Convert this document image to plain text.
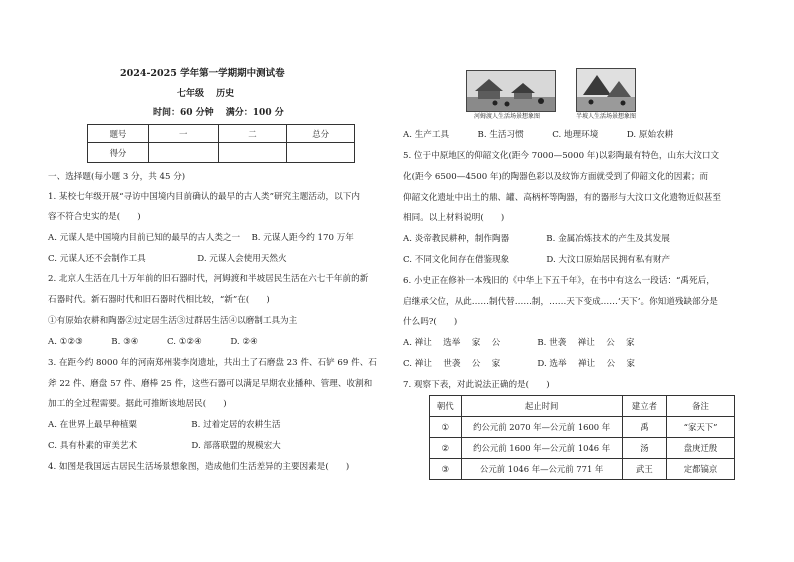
2024-2025 学年第一学期期中测试卷
七年级　 历史
时间：60 分钟　 满分：100 分
题号	一	二	总分
得分			
一、选择题(每小题 3 分，共 45 分)
1. 某校七年级开展“寻访中国境内目前确认的最早的古人类”研究主题活动，以下内
容不符合史实的是(　　)
A. 元谋人是中国境内目前已知的最早的古人类之一　 B. 元谋人距今约 170 万年
C. 元谋人还不会制作工具　　　　　　D. 元谋人会使用天然火
2. 北京人生活在几十万年前的旧石器时代，河姆渡和半坡居民生活在六七千年前的新
石器时代。新石器时代和旧石器时代相比较，“新”在(　　)
①有原始农耕和陶器②过定居生活③过群居生活④以磨制工具为主
A. ①②③　　　 B. ③④　　　 C. ①②④　　　 D. ②④
3. 在距今约 8000 年的河南郑州裴李岗遗址，共出土了石磨盘 23 件、石铲 69 件、石
斧 22 件、磨盘 57 件、磨棒 25 件，这些石器可以满足早期农业播种、管理、收割和
加工的全过程需要。据此可推断该地居民(　　)
A. 在世界上最早种植粟　　　　　　 B. 过着定居的农耕生活
C. 具有朴素的审美艺术　　　　　　 D. 部落联盟的规模宏大
4. 如图是我国远古居民生活场景想象图，造成他们生活差异的主要因素是(　　)
河姆渡人生活场景想象图	半坡人生活场景想象图
A. 生产工具　　　 B. 生活习惯　　　 C. 地理环境　　　 D. 原始农耕
5. 位于中原地区的仰韶文化(距今 7000—5000 年)以彩陶最有特色，山东大汶口文
化(距今 6500—4500 年)的陶器色彩以及纹饰方面就受到了仰韶文化的因素；而
仰韶文化遗址中出土的鼎、罐、高柄杯等陶器，有的器形与大汶口文化遗物近似甚至
相同。以上材料说明(　　)
A. 炎帝教民耕种，制作陶器　　　　 B. 金属冶炼技术的产生及其发展
C. 不同文化间存在借鉴现象　　　　 D. 大汶口原始居民拥有私有财产
6. 小史正在修补一本残旧的《中华上下五千年》，在书中有这么一段话：“禹死后，
启继承父位，从此……制代替……制，……天下变成……‘天下’。你知道残缺部分是
什么吗?(　　)
A. 禅让　 选举　 家　 公　　　　 B. 世袭　 禅让　 公　 家
C. 禅让　 世袭　 公　 家　　　　 D. 选举　 禅让　 公　 家
7. 观察下表，对此说法正确的是(　　)
朝代	起止时间	建立者	备注
①	约公元前 2070 年—公元前 1600 年	禹	“家天下”
②	约公元前 1600 年—公元前 1046 年	汤	盘庚迁殷
③	公元前 1046 年—公元前 771 年	武王	定都镐京
